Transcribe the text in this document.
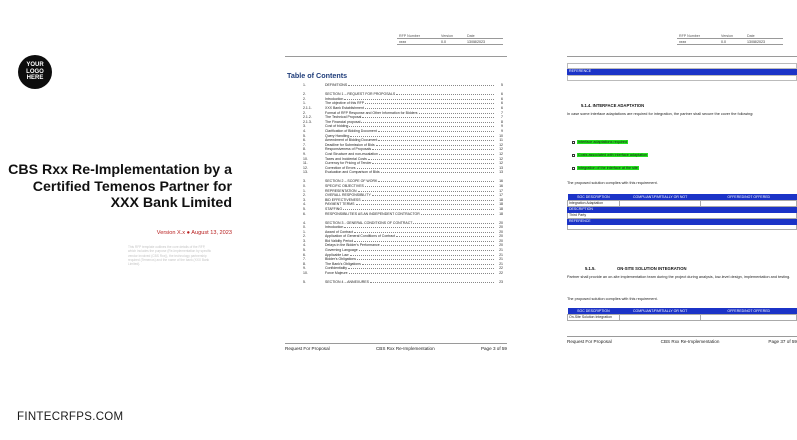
YOUR
LOGO
HERE
CBS Rxx Re-Implementation by a Certified Temenos Partner for XXX Bank Limited
Version X.x ● August 13, 2023
This RFP template outlines the core details of the RFP, which includes the purpose (Re-Implementation by specific vendor involved (CBS Rxx)), the technology partnership required (Temenos) and the name of the bank (XXX Bank Limited).
FINTECRFPS.COM
RFP Number	Version	Date
xxxx	0.0	13/08/2023
Table of Contents
1.	DEFINITIONS	5
2.	SECTION 1 – REQUEST FOR PROPOSALS	6
2.	Introduction	6
1.	The objective of this RFP	6
2.1.1.	XXX Bank Establishment	6
2.	Format of RFP Response and Other Information for Bidders	7
2.1.2.	The Technical Proposal	7
2.1.3.	The Financial proposal	8
3.	Cost of bidding	9
4.	Clarification of Bidding Document	9
5.	Query Handling	10
6.	Amendment of Bidding Document	11
7.	Deadline for Submission of Bids	12
8.	Responsiveness of Proposals	12
9.	Cost Structure and non-escalation	12
10.	Taxes and Incidental Costs	12
11.	Currency for Pricing of Tender	12
12.	Correction of Errors	13
13.	Evaluation and Comparison of Bids	13
3.	SECTION 2 – SCOPE OF WORK	16
0.	SPECIFIC OBJECTIVES	16
1.	REPRESENTATION	17
2.	OVERALL RESPONSIBILITY	17
3.	BID EFFECTIVENESS	18
4.	PAYMENT TERMS	18
5.	STAFFING	18
6.	RESPONSIBILITIES AS AN INDEPENDENT CONTRACTOR	18
4.	SECTION 3 - GENERAL CONDITIONS OF CONTRACT	20
0.	Introduction	20
1.	Award of Contract	20
2.	Application of General Conditions of Contract	20
3.	Bid Validity Period	20
4.	Delays in the Bidder's Performance	20
5.	Governing Language	21
6.	Applicable Law	21
7.	Bidder's Obligations	21
8.	The Bank's Obligations	21
9.	Confidentiality	22
10.	Force Majeure	22
5.	SECTION 4 – ANNEXURES	23
Request For Proposal	CBS Rxx Re-Implementation	Page 3 of 59
RFP Number	Version	Date
xxxx	0.0	13/08/2023
REFERENCE
5.1.4. INTERFACE ADAPTATION
In case some interface adaptations are required for integration, the partner shall secure the cover the following:
Interface adaptations required
Costs associated with interface adaptation
Integration of the interface at the site
The proposed solution complies with this requirement.
SOC DESCRIPTION	COMPLIANT/PARTIALLY OR NOT	OFFERED/NOT OFFERED
Integration Adaptation		
DESCRIPTION		
Third Party		
REFERENCE		

5.1.5.	ON-SITE SOLUTION INTEGRATION
Partner shall provide an on-site implementation team during the project during analysis, low-level design, implementation and testing.
The proposed solution complies with this requirement.
SOC DESCRIPTION	COMPLIANT/PARTIALLY OR NOT	OFFERED/NOT OFFERED
On-Site Solution Integration		
Request For Proposal	CBS Rxx Re-Implementation	Page 37 of 59
